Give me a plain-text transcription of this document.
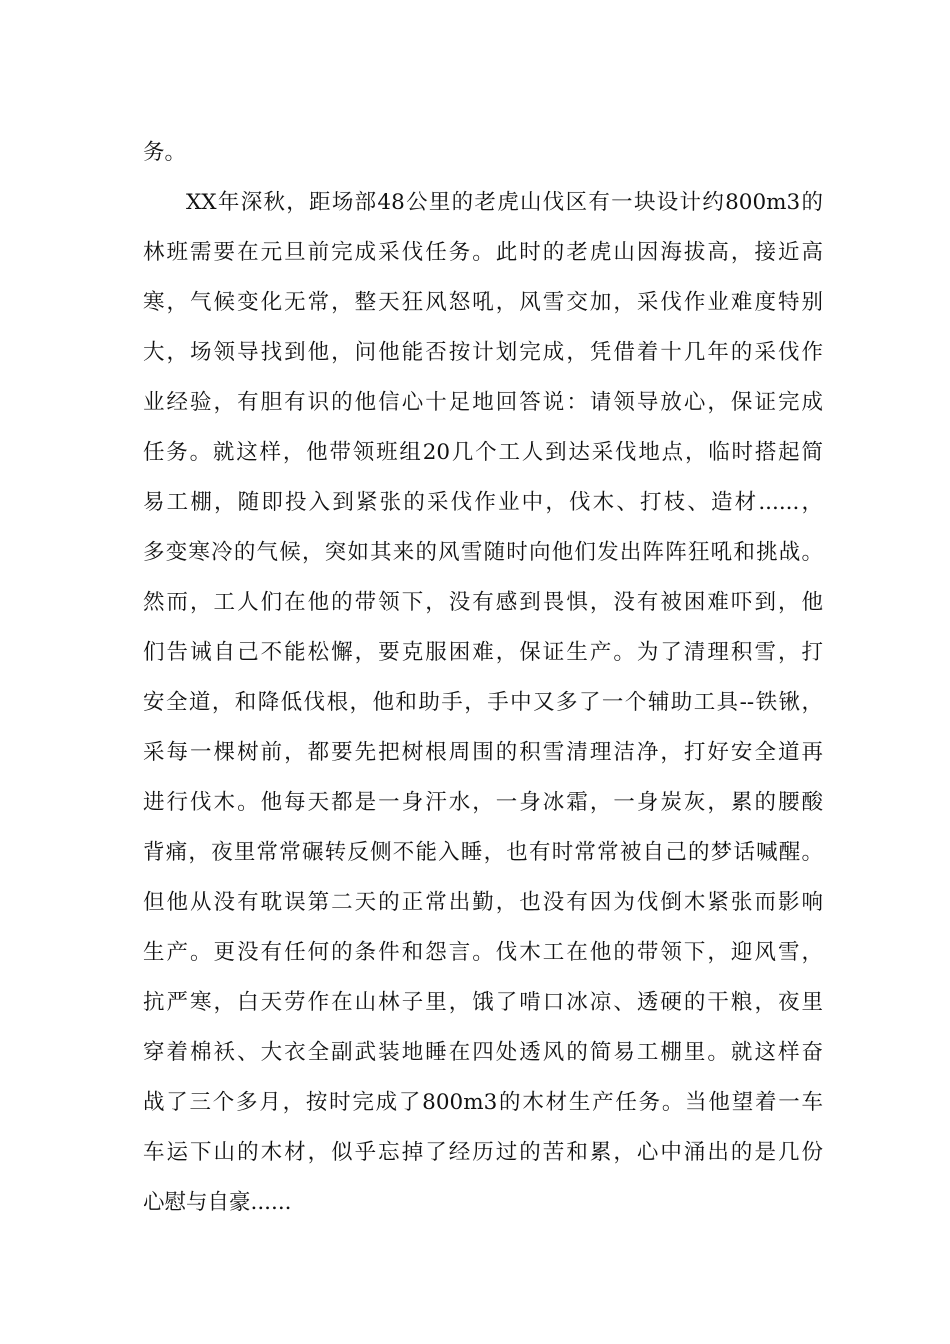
务。
XX年深秋，距场部48公里的老虎山伐区有一块设计约800m3的
林班需要在元旦前完成采伐任务。此时的老虎山因海拔高，接近高
寒，气候变化无常，整天狂风怒吼，风雪交加，采伐作业难度特别
大，场领导找到他，问他能否按计划完成，凭借着十几年的采伐作
业经验，有胆有识的他信心十足地回答说：请领导放心，保证完成
任务。就这样，他带领班组20几个工人到达采伐地点，临时搭起简
易工棚，随即投入到紧张的采伐作业中，伐木、打枝、造材......，
多变寒冷的气候，突如其来的风雪随时向他们发出阵阵狂吼和挑战。
然而，工人们在他的带领下，没有感到畏惧，没有被困难吓到，他
们告诫自己不能松懈，要克服困难，保证生产。为了清理积雪，打
安全道，和降低伐根，他和助手，手中又多了一个辅助工具--铁锹，
采每一棵树前，都要先把树根周围的积雪清理洁净，打好安全道再
进行伐木。他每天都是一身汗水，一身冰霜，一身炭灰，累的腰酸
背痛，夜里常常碾转反侧不能入睡，也有时常常被自己的梦话喊醒。
但他从没有耽误第二天的正常出勤，也没有因为伐倒木紧张而影响
生产。更没有任何的条件和怨言。伐木工在他的带领下，迎风雪，
抗严寒，白天劳作在山林子里，饿了啃口冰凉、透硬的干粮，夜里
穿着棉袄、大衣全副武装地睡在四处透风的简易工棚里。就这样奋
战了三个多月，按时完成了800m3的木材生产任务。当他望着一车
车运下山的木材，似乎忘掉了经历过的苦和累，心中涌出的是几份
心慰与自豪......
